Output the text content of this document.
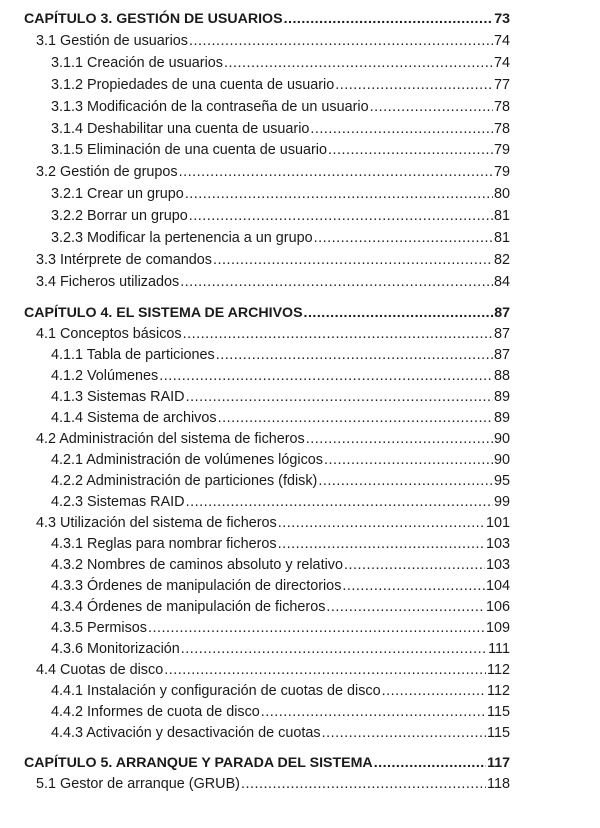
CAPÍTULO 3. GESTIÓN DE USUARIOS .....	73
3.1 Gestión de usuarios .....	74
3.1.1 Creación de usuarios .....	74
3.1.2 Propiedades de una cuenta de usuario .....	77
3.1.3 Modificación de la contraseña de un usuario .....	78
3.1.4 Deshabilitar una cuenta de usuario .....	78
3.1.5 Eliminación de una cuenta de usuario .....	79
3.2 Gestión de grupos .....	79
3.2.1 Crear un grupo .....	80
3.2.2 Borrar un grupo .....	81
3.2.3 Modificar la pertenencia a un grupo .....	81
3.3 Intérprete de comandos .....	82
3.4 Ficheros utilizados .....	84
CAPÍTULO 4. EL SISTEMA DE ARCHIVOS .....	87
4.1 Conceptos básicos .....	87
4.1.1 Tabla de particiones .....	87
4.1.2 Volúmenes .....	88
4.1.3 Sistemas RAID .....	89
4.1.4 Sistema de archivos .....	89
4.2 Administración del sistema de ficheros .....	90
4.2.1 Administración de volúmenes lógicos .....	90
4.2.2 Administración de particiones (fdisk) .....	95
4.2.3 Sistemas RAID .....	99
4.3 Utilización del sistema de ficheros .....	101
4.3.1 Reglas para nombrar ficheros .....	103
4.3.2 Nombres de caminos absoluto y relativo .....	103
4.3.3 Órdenes de manipulación de directorios .....	104
4.3.4 Órdenes de manipulación de ficheros .....	106
4.3.5 Permisos .....	109
4.3.6 Monitorización .....	111
4.4 Cuotas de disco .....	112
4.4.1 Instalación y configuración de cuotas de disco .....	112
4.4.2 Informes de cuota de disco .....	115
4.4.3 Activación y desactivación de cuotas .....	115
CAPÍTULO 5. ARRANQUE Y PARADA DEL SISTEMA .....	117
5.1 Gestor de arranque (GRUB) .....	118
